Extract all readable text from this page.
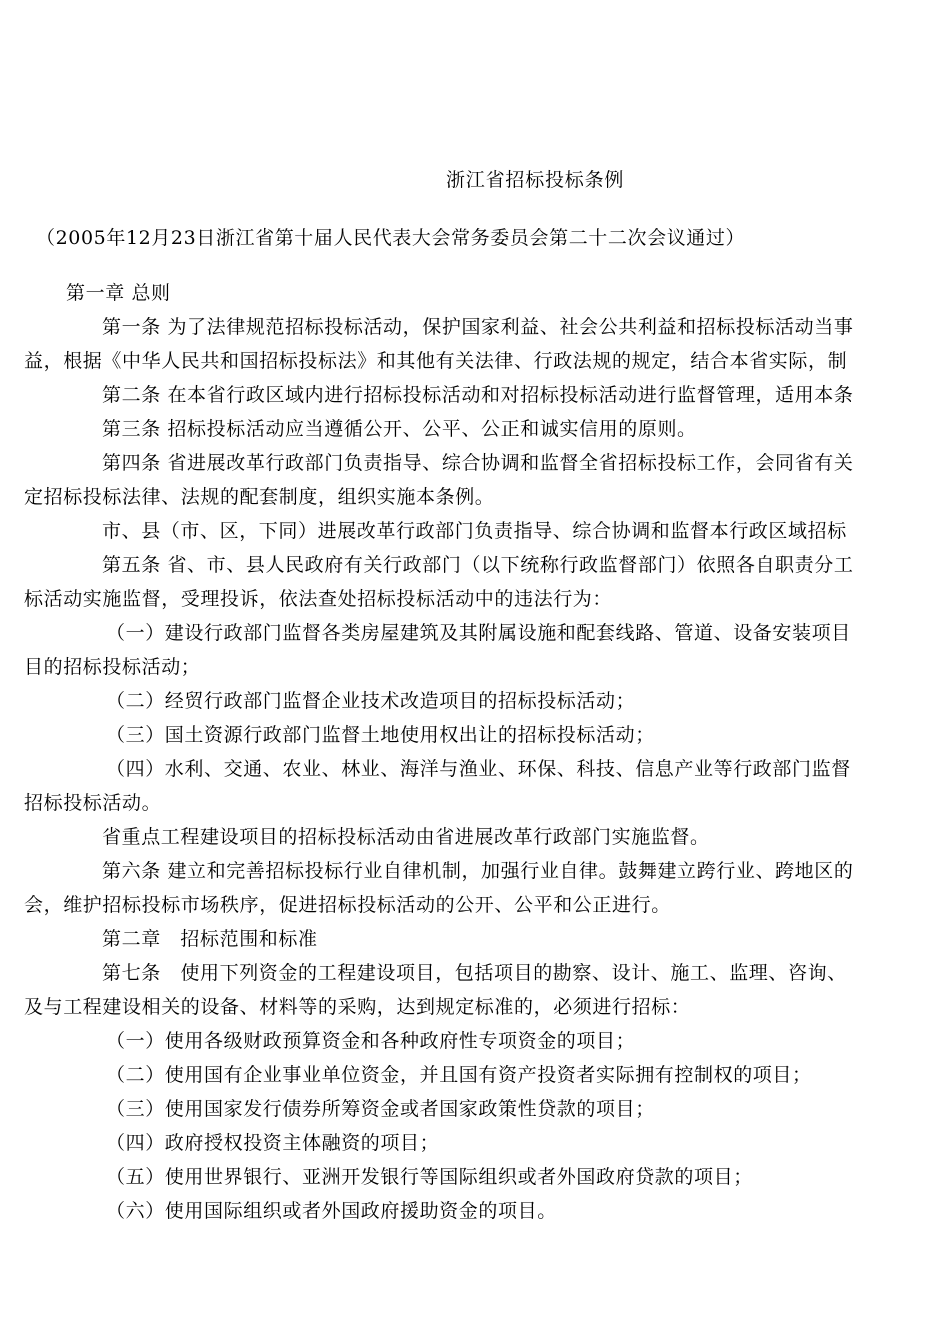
浙江省招标投标条例
（2005年12月23日浙江省第十届人民代表大会常务委员会第二十二次会议通过）
第一章 总则
第一条 为了法律规范招标投标活动，保护国家利益、社会公共利益和招标投标活动当事
益，根据《中华人民共和国招标投标法》和其他有关法律、行政法规的规定，结合本省实际，制
第二条 在本省行政区域内进行招标投标活动和对招标投标活动进行监督管理，适用本条
第三条 招标投标活动应当遵循公开、公平、公正和诚实信用的原则。
第四条 省进展改革行政部门负责指导、综合协调和监督全省招标投标工作，会同省有关
定招标投标法律、法规的配套制度，组织实施本条例。
市、县（市、区，下同）进展改革行政部门负责指导、综合协调和监督本行政区域招标
第五条 省、市、县人民政府有关行政部门（以下统称行政监督部门）依照各自职责分工
标活动实施监督，受理投诉，依法查处招标投标活动中的违法行为：
（一）建设行政部门监督各类房屋建筑及其附属设施和配套线路、管道、设备安装项目
目的招标投标活动；
（二）经贸行政部门监督企业技术改造项目的招标投标活动；
（三）国土资源行政部门监督土地使用权出让的招标投标活动；
（四）水利、交通、农业、林业、海洋与渔业、环保、科技、信息产业等行政部门监督
招标投标活动。
省重点工程建设项目的招标投标活动由省进展改革行政部门实施监督。
第六条 建立和完善招标投标行业自律机制，加强行业自律。鼓舞建立跨行业、跨地区的
会，维护招标投标市场秩序，促进招标投标活动的公开、公平和公正进行。
第二章　招标范围和标准
第七条　使用下列资金的工程建设项目，包括项目的勘察、设计、施工、监理、咨询、
及与工程建设相关的设备、材料等的采购，达到规定标准的，必须进行招标：
（一）使用各级财政预算资金和各种政府性专项资金的项目；
（二）使用国有企业事业单位资金，并且国有资产投资者实际拥有控制权的项目；
（三）使用国家发行债券所筹资金或者国家政策性贷款的项目；
（四）政府授权投资主体融资的项目；
（五）使用世界银行、亚洲开发银行等国际组织或者外国政府贷款的项目；
（六）使用国际组织或者外国政府援助资金的项目。
